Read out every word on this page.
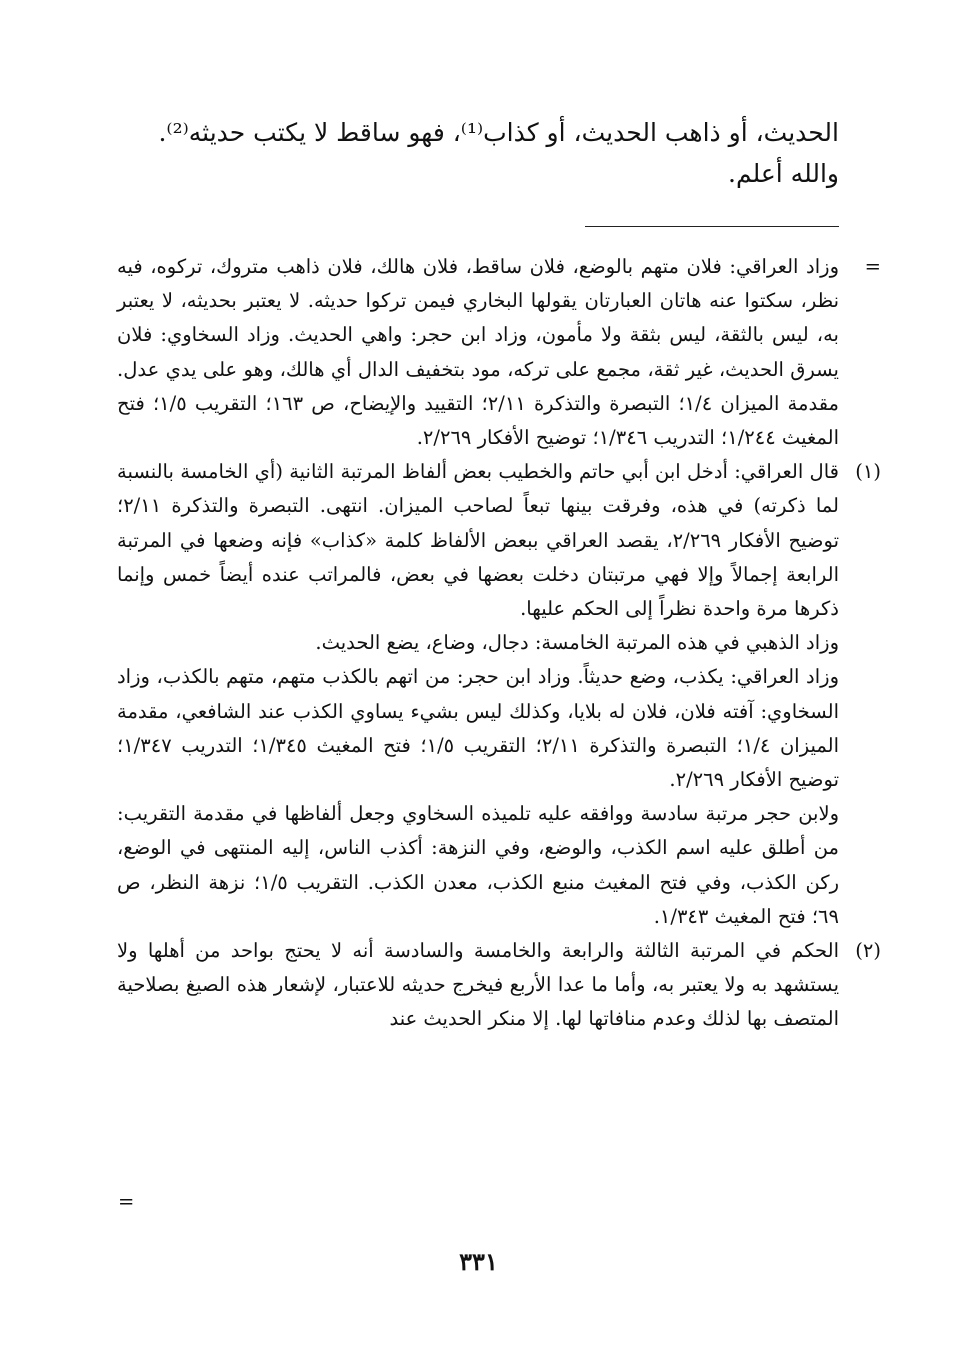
الحديث، أو ذاهب الحديث، أو كذاب⁽¹⁾، فهو ساقط لا يكتب حديثه⁽²⁾.

والله أعلم.

=

وزاد العراقي: فلان متهم بالوضع، فلان ساقط، فلان هالك، فلان ذاهب متروك، تركوه، فيه نظر، سكتوا عنه هاتان العبارتان يقولها البخاري فيمن تركوا حديثه. لا يعتبر بحديثه، لا يعتبر به، ليس بالثقة، ليس بثقة ولا مأمون، وزاد ابن حجر: واهي الحديث. وزاد السخاوي: فلان يسرق الحديث، غير ثقة، مجمع على تركه، مود بتخفيف الدال أي هالك، وهو على يدي عدل. مقدمة الميزان ١/٤؛ التبصرة والتذكرة ٢/١١؛ التقييد والإيضاح، ص ١٦٣؛ التقريب ١/٥؛ فتح المغيث ١/٢٤٤؛ التدريب ١/٣٤٦؛ توضيح الأفكار ٢/٢٦٩.

(١)

قال العراقي: أدخل ابن أبي حاتم والخطيب بعض ألفاظ المرتبة الثانية (أي الخامسة بالنسبة لما ذكرته) في هذه، وفرقت بينها تبعاً لصاحب الميزان. انتهى. التبصرة والتذكرة ٢/١١؛ توضيح الأفكار ٢/٢٦٩، يقصد العراقي ببعض الألفاظ كلمة «كذاب» فإنه وضعها في المرتبة الرابعة إجمالاً وإلا فهي مرتبتان دخلت بعضها في بعض، فالمراتب عنده أيضاً خمس وإنما ذكرها مرة واحدة نظراً إلى الحكم عليها.

وزاد الذهبي في هذه المرتبة الخامسة: دجال، وضاع، يضع الحديث.

وزاد العراقي: يكذب، وضع حديثاً. وزاد ابن حجر: من اتهم بالكذب متهم، متهم بالكذب، وزاد السخاوي: آفته فلان، فلان له بلايا، وكذلك ليس بشيء يساوي الكذب عند الشافعي، مقدمة الميزان ١/٤؛ التبصرة والتذكرة ٢/١١؛ التقريب ١/٥؛ فتح المغيث ١/٣٤٥؛ التدريب ١/٣٤٧؛ توضيح الأفكار ٢/٢٦٩.

ولابن حجر مرتبة سادسة ووافقه عليه تلميذه السخاوي وجعل ألفاظها في مقدمة التقريب: من أطلق عليه اسم الكذب، والوضع، وفي النزهة: أكذب الناس، إليه المنتهى في الوضع، ركن الكذب، وفي فتح المغيث منبع الكذب، معدن الكذب. التقريب ١/٥؛ نزهة النظر، ص ٦٩؛ فتح المغيث ١/٣٤٣.

(٢)

الحكم في المرتبة الثالثة والرابعة والخامسة والسادسة أنه لا يحتج بواحد من أهلها ولا يستشهد به ولا يعتبر به، وأما ما عدا الأربع فيخرج حديثه للاعتبار، لإشعار هذه الصيغ بصلاحية المتصف بها لذلك وعدم منافاتها لها. إلا منكر الحديث عند

=
٣٣١
